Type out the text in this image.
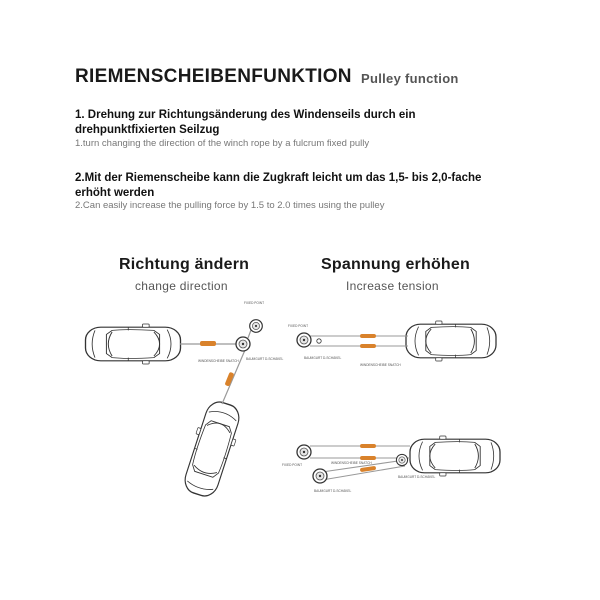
RIEMENSCHEIBENFUNKTION Pulley function
1. Drehung zur Richtungsänderung des Windenseils durch ein drehpunktfixierten Seilzug
1.turn changing the direction of the winch rope by a fulcrum fixed pully
2.Mit der Riemenscheibe kann die Zugkraft leicht um das 1,5- bis 2,0-fache erhöht werden
2.Can easily increase the pulling force by 1.5 to 2.0 times using the pulley
Richtung ändern
change direction
Spannung erhöhen
Increase tension
FIXED POINT
WINDENSCHEIBE SNATCH BAUMGURT D-SCHÄKEL
FIXED POINT
BAUMGURT D-SCHÄKEL
WINDENSCHEIBE SNATCH
FIXED POINT	WINDENSCHEIBE SNATCH
BAUMGURT D-SCHÄKEL
BAUMGURT D-SCHÄKEL
